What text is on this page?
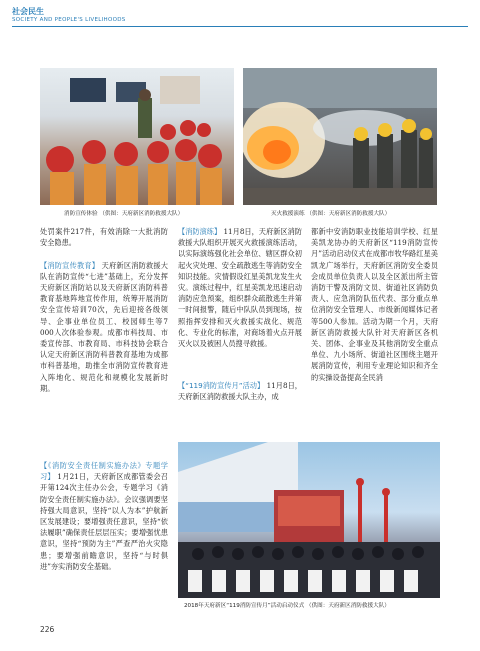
社会民生
SOCIETY AND PEOPLE'S LIVELIHOODS
消防宣传体验 （供图：天府新区消防救援大队）	灭火救援演练 （供图：天府新区消防救援大队）

处罚案件217件，有效消除一大批消防安全隐患。

【消防宣传教育】 天府新区消防救援大队在消防宣传“七进”基础上，充分发挥天府新区消防站以及天府新区消防科普教育基地阵地宣传作用，统筹开展消防安全宣传培训70次，先后迎接各级领导、企事业单位员工、校园师生等7 000人次体验参观。成都市科技局、市委宣传部、市教育局、市科技协会联合认定天府新区消防科普教育基地为成都市科普基地，助推全市消防宣传教育进入阵地化、规范化和规模化发展新时期。

【《消防安全责任制实施办法》专题学习】 1月21日，天府新区成都管委会召开第124次主任办公会，专题学习《消防安全责任制实施办法》。会议强调要坚持强大局意识，坚持“以人为本”护航新区发展建设；要增强责任意识，坚持“依法履职”确保责任层层压实；要增强忧患意识，坚持“预防为主”严查严治火灾隐患；要增强前瞻意识，坚持“与时俱进”夯实消防安全基础。

【消防演练】 11月8日，天府新区消防救援大队组织开展灭火救援演练活动，以实际演练强化社会单位、辖区群众初起火灾处理、安全疏散逃生等消防安全知识技能。灾情假设红星美凯龙发生火灾。演练过程中，红星美凯龙迅速启动消防应急预案，组织群众疏散逃生并第一时间报警，随后中队队员到现场，按照指挥安排和灭火救援实战化、规范化、专业化的标准，对商场着火点开展灭火以及被困人员搜寻救援。

【“119消防宣传月”活动】 11月8日，天府新区消防救援大队主办，成

都新中安消防职业技能培训学校、红星美凯龙协办的天府新区“119消防宣传月”活动启动仪式在成都市牧华路红星美凯龙广场举行，天府新区消防安全委员会成员单位负责人以及全区派出所主管消防干警及消防文员、街道社区消防负责人、应急消防队伍代表、部分重点单位消防安全管理人、市级新闻媒体记者等500人参加。活动为期一个月，天府新区消防救援大队针对天府新区各机关、团体、企事业及其他消防安全重点单位、九小场所、街道社区围绕主题开展消防宣传，利用专业理论知识和齐全的实操设备提高全民消

2018年天府新区“119消防宣传月”活动启动仪式 （供图：天府新区消防救援大队）
226
